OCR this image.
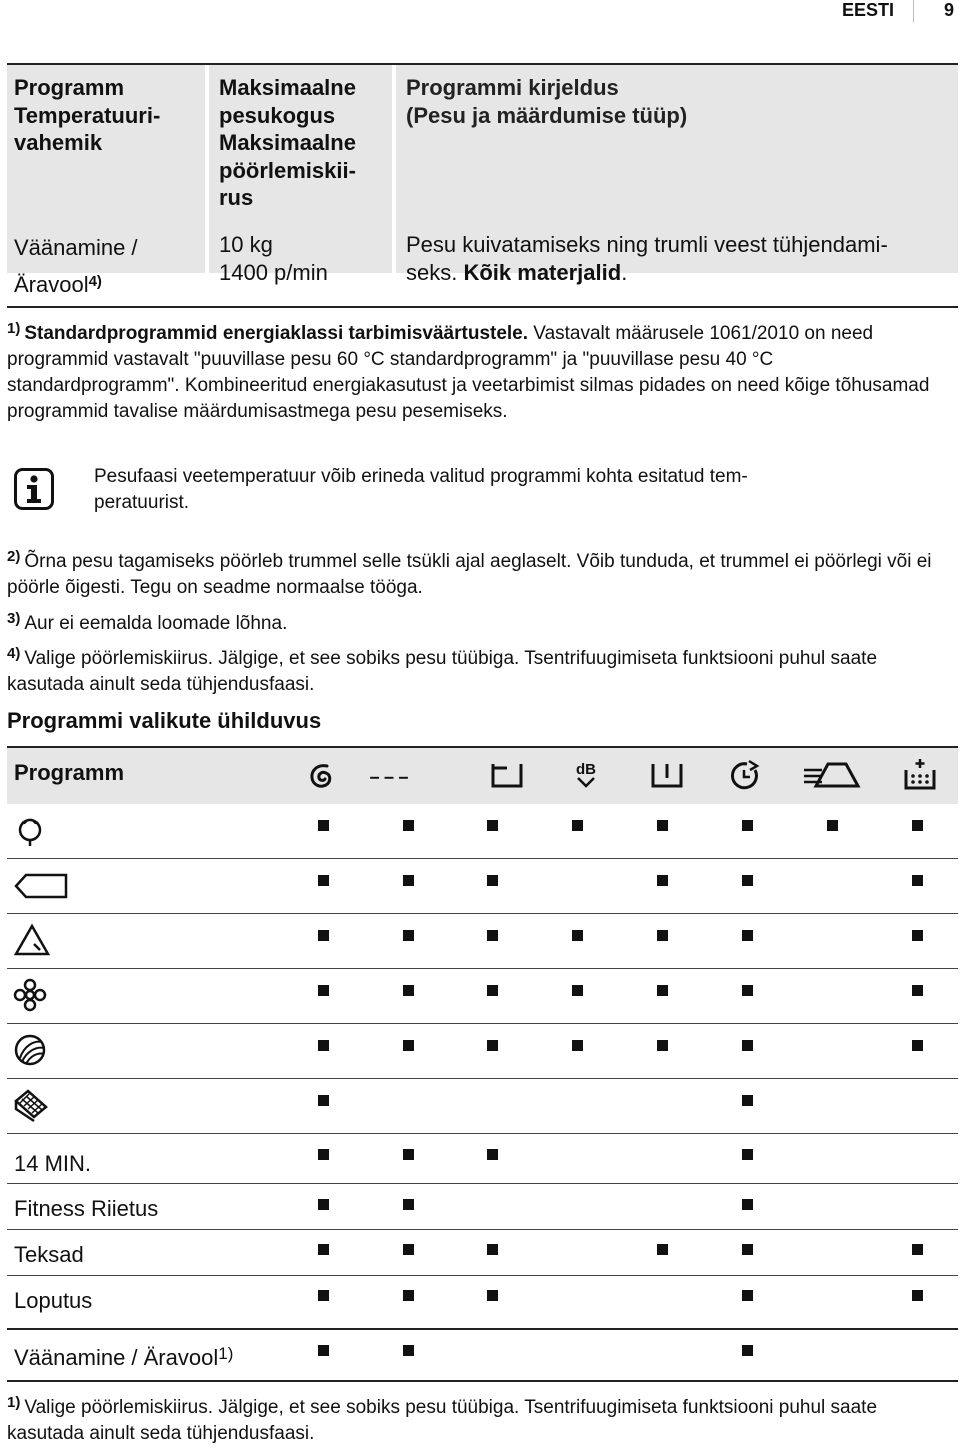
EESTI	9
Programm
Temperatuuri-
vahemik
Maksimaalne
pesukogus
Maksimaalne
pöörlemiskii-
rus
Programmi kirjeldus
(Pesu ja määrdumise tüüp)
Väänamine /
Äravool$^{4)}$
10 kg
1400 p/min
Pesu kuivatamiseks ning trumli veest tühjendami-
seks. Kõik materjalid.
$^{1)}$ Standardprogrammid energiaklassi tarbimisväärtustele. Vastavalt määrusele 1061/2010 on need programmid vastavalt "puuvillase pesu 60 °C standardprogramm" ja "puuvillase pesu 40 °C standardprogramm". Kombineeritud energiakasutust ja veetarbimist silmas pidades on need kõige tõhusamad programmid tavalise määrdumisastmega pesu pesemiseks.
Pesufaasi veetemperatuur võib erineda valitud programmi kohta esitatud tem-
peratuurist.
$^{2)}$ Õrna pesu tagamiseks pöörleb trummel selle tsükli ajal aeglaselt. Võib tunduda, et trummel ei pöörlegi või ei pöörle õigesti. Tegu on seadme normaalse tööga.
$^{3)}$ Aur ei eemalda loomade lõhna.
$^{4)}$ Valige pöörlemiskiirus. Jälgige, et see sobiks pesu tüübiga. Tsentrifuugimiseta funktsiooni puhul saate kasutada ainult seda tühjendusfaasi.
Programmi valikute ühilduvus
Programm	dB
14 MIN.
Fitness Riietus
Teksad
Loputus
Väänamine / Äravool$^{1)}$
$^{1)}$ Valige pöörlemiskiirus. Jälgige, et see sobiks pesu tüübiga. Tsentrifuugimiseta funktsiooni puhul saate kasutada ainult seda tühjendusfaasi.
